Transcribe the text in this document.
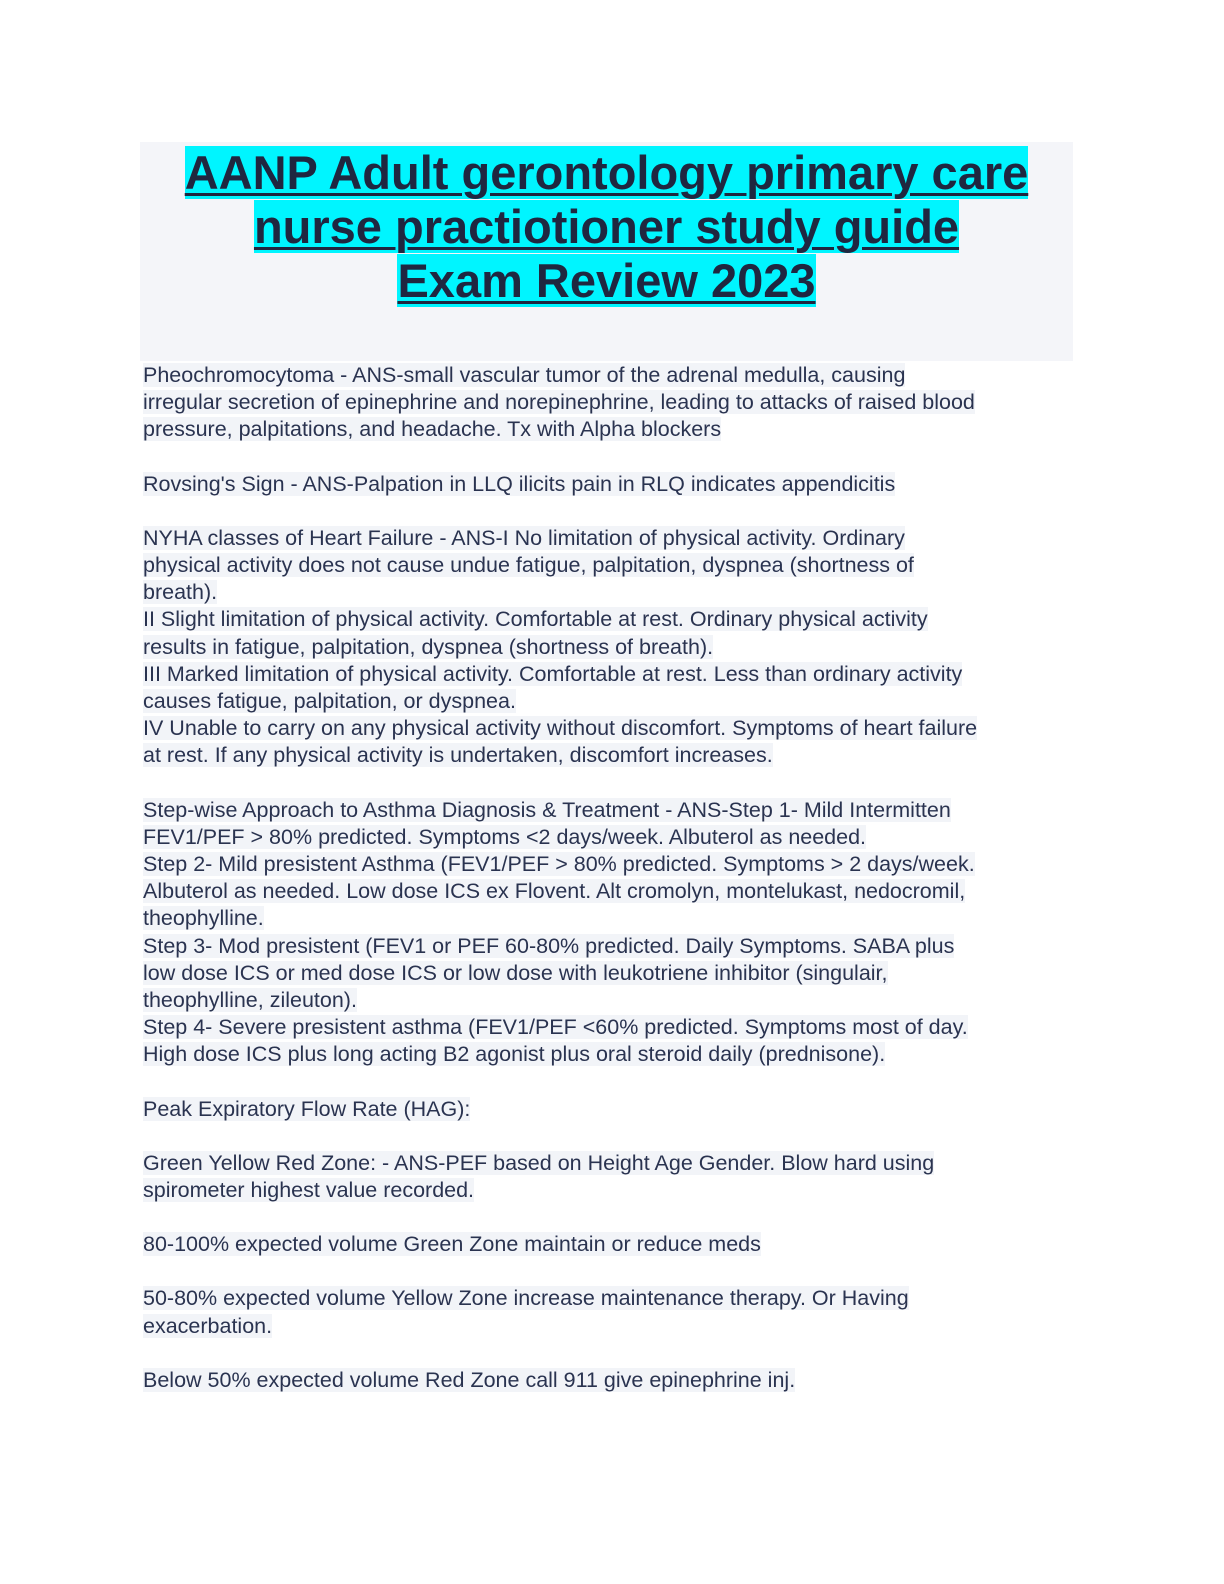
AANP Adult gerontology primary care
nurse practiotioner study guide
Exam Review 2023

Pheochromocytoma - ANS-small vascular tumor of the adrenal medulla, causingirregular secretion of epinephrine and norepinephrine, leading to attacks of raised bloodpressure, palpitations, and headache. Tx with Alpha blockers

Rovsing's Sign - ANS-Palpation in LLQ ilicits pain in RLQ indicates appendicitis

NYHA classes of Heart Failure - ANS-I No limitation of physical activity. Ordinaryphysical activity does not cause undue fatigue, palpitation, dyspnea (shortness ofbreath).II Slight limitation of physical activity. Comfortable at rest. Ordinary physical activityresults in fatigue, palpitation, dyspnea (shortness of breath).III Marked limitation of physical activity. Comfortable at rest. Less than ordinary activitycauses fatigue, palpitation, or dyspnea.IV Unable to carry on any physical activity without discomfort. Symptoms of heart failureat rest. If any physical activity is undertaken, discomfort increases.

Step-wise Approach to Asthma Diagnosis & Treatment - ANS-Step 1- Mild IntermittenFEV1/PEF > 80% predicted. Symptoms <2 days/week. Albuterol as needed.Step 2- Mild presistent Asthma (FEV1/PEF > 80% predicted. Symptoms > 2 days/week.Albuterol as needed. Low dose ICS ex Flovent. Alt cromolyn, montelukast, nedocromil,theophylline.Step 3- Mod presistent (FEV1 or PEF 60-80% predicted. Daily Symptoms. SABA pluslow dose ICS or med dose ICS or low dose with leukotriene inhibitor (singulair,theophylline, zileuton).Step 4- Severe presistent asthma (FEV1/PEF <60% predicted. Symptoms most of day.High dose ICS plus long acting B2 agonist plus oral steroid daily (prednisone).

Peak Expiratory Flow Rate (HAG):

Green Yellow Red Zone: - ANS-PEF based on Height Age Gender. Blow hard usingspirometer highest value recorded.

80-100% expected volume Green Zone maintain or reduce meds

50-80% expected volume Yellow Zone increase maintenance therapy. Or Havingexacerbation.

Below 50% expected volume Red Zone call 911 give epinephrine inj.
